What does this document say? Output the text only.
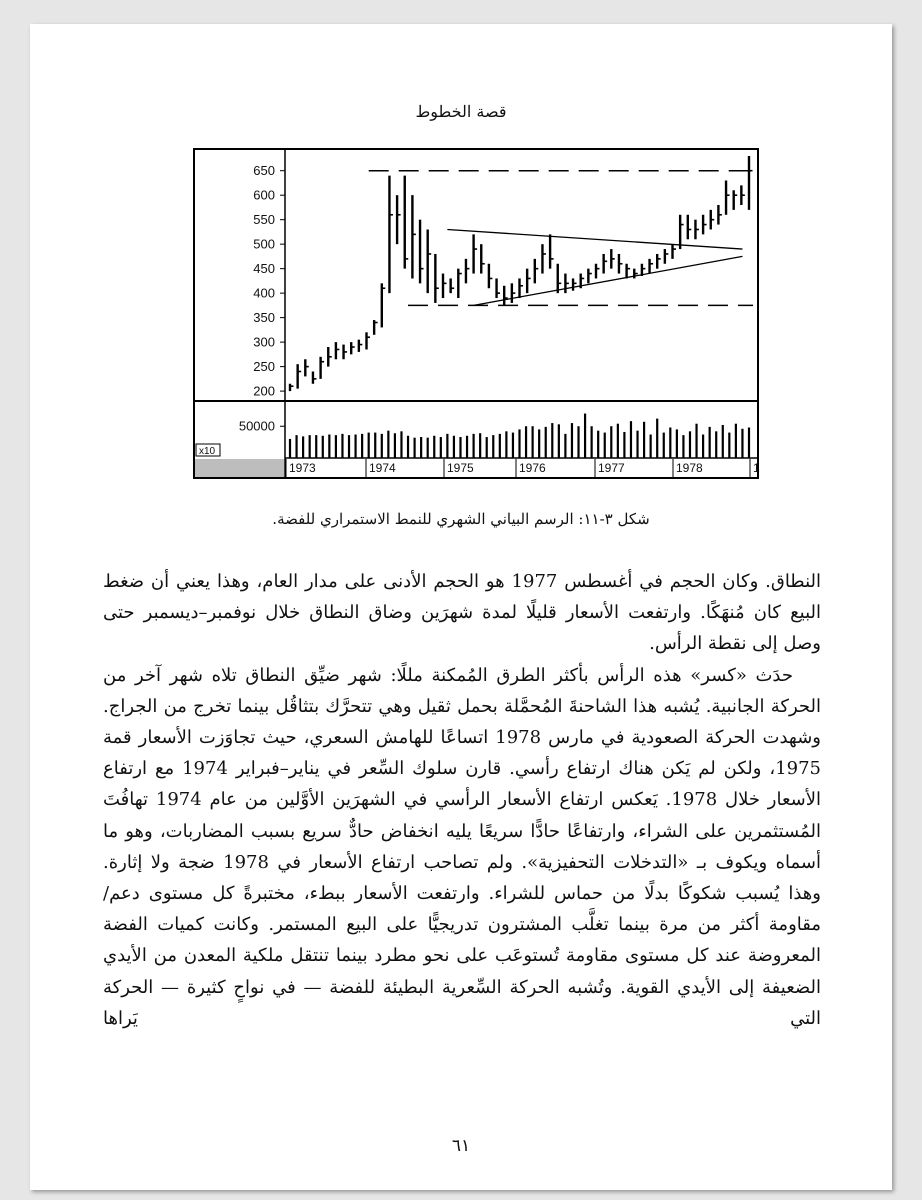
قصة الخطوط
x10
650
600
550
500
450
400
350
300
250
200
50000
1973	1974	1975	1976	1977	1978	1
شكل ٣-١١: الرسم البياني الشهري للنمط الاستمراري للفضة.

النطاق. وكان الحجم في أغسطس 1977 هو الحجم الأدنى على مدار العام، وهذا يعني أن ضغط البيع كان مُنهَكًا. وارتفعت الأسعار قليلًا لمدة شهرَين وضاق النطاق خلال نوفمبر–ديسمبر حتى وصل إلى نقطة الرأس.

حدَث «كسر» هذه الرأس بأكثر الطرق المُمكنة مللًا: شهر ضيِّق النطاق تلاه شهر آخر من الحركة الجانبية. يُشبه هذا الشاحنةَ المُحمَّلة بحمل ثقيل وهي تتحرَّك بتثاقُل بينما تخرج من الجراج. وشهدت الحركة الصعودية في مارس 1978 اتساعًا للهامش السعري، حيث تجاوَزت الأسعار قمة 1975، ولكن لم يَكن هناك ارتفاع رأسي. قارن سلوك السِّعر في يناير–فبراير 1974 مع ارتفاع الأسعار خلال 1978. يَعكس ارتفاع الأسعار الرأسي في الشهرَين الأوَّلين من عام 1974 تهافُتَ المُستثمرين على الشراء، وارتفاعًا حادًّا سريعًا يليه انخفاض حادٌّ سريع بسبب المضاربات، وهو ما أسماه ويكوف بـ «التدخلات التحفيزية». ولم تصاحب ارتفاع الأسعار في 1978 ضجة ولا إثارة. وهذا يُسبب شكوكًا بدلًا من حماس للشراء. وارتفعت الأسعار ببطء، مختبرةً كل مستوى دعم/مقاومة أكثر من مرة بينما تغلَّب المشترون تدريجيًّا على البيع المستمر. وكانت كميات الفضة المعروضة عند كل مستوى مقاومة تُستوعَب على نحو مطرد بينما تنتقل ملكية المعدن من الأيدي الضعيفة إلى الأيدي القوية. وتُشبه الحركة السِّعرية البطيئة للفضة — في نواحٍ كثيرة — الحركة التي يَراها

٦١
